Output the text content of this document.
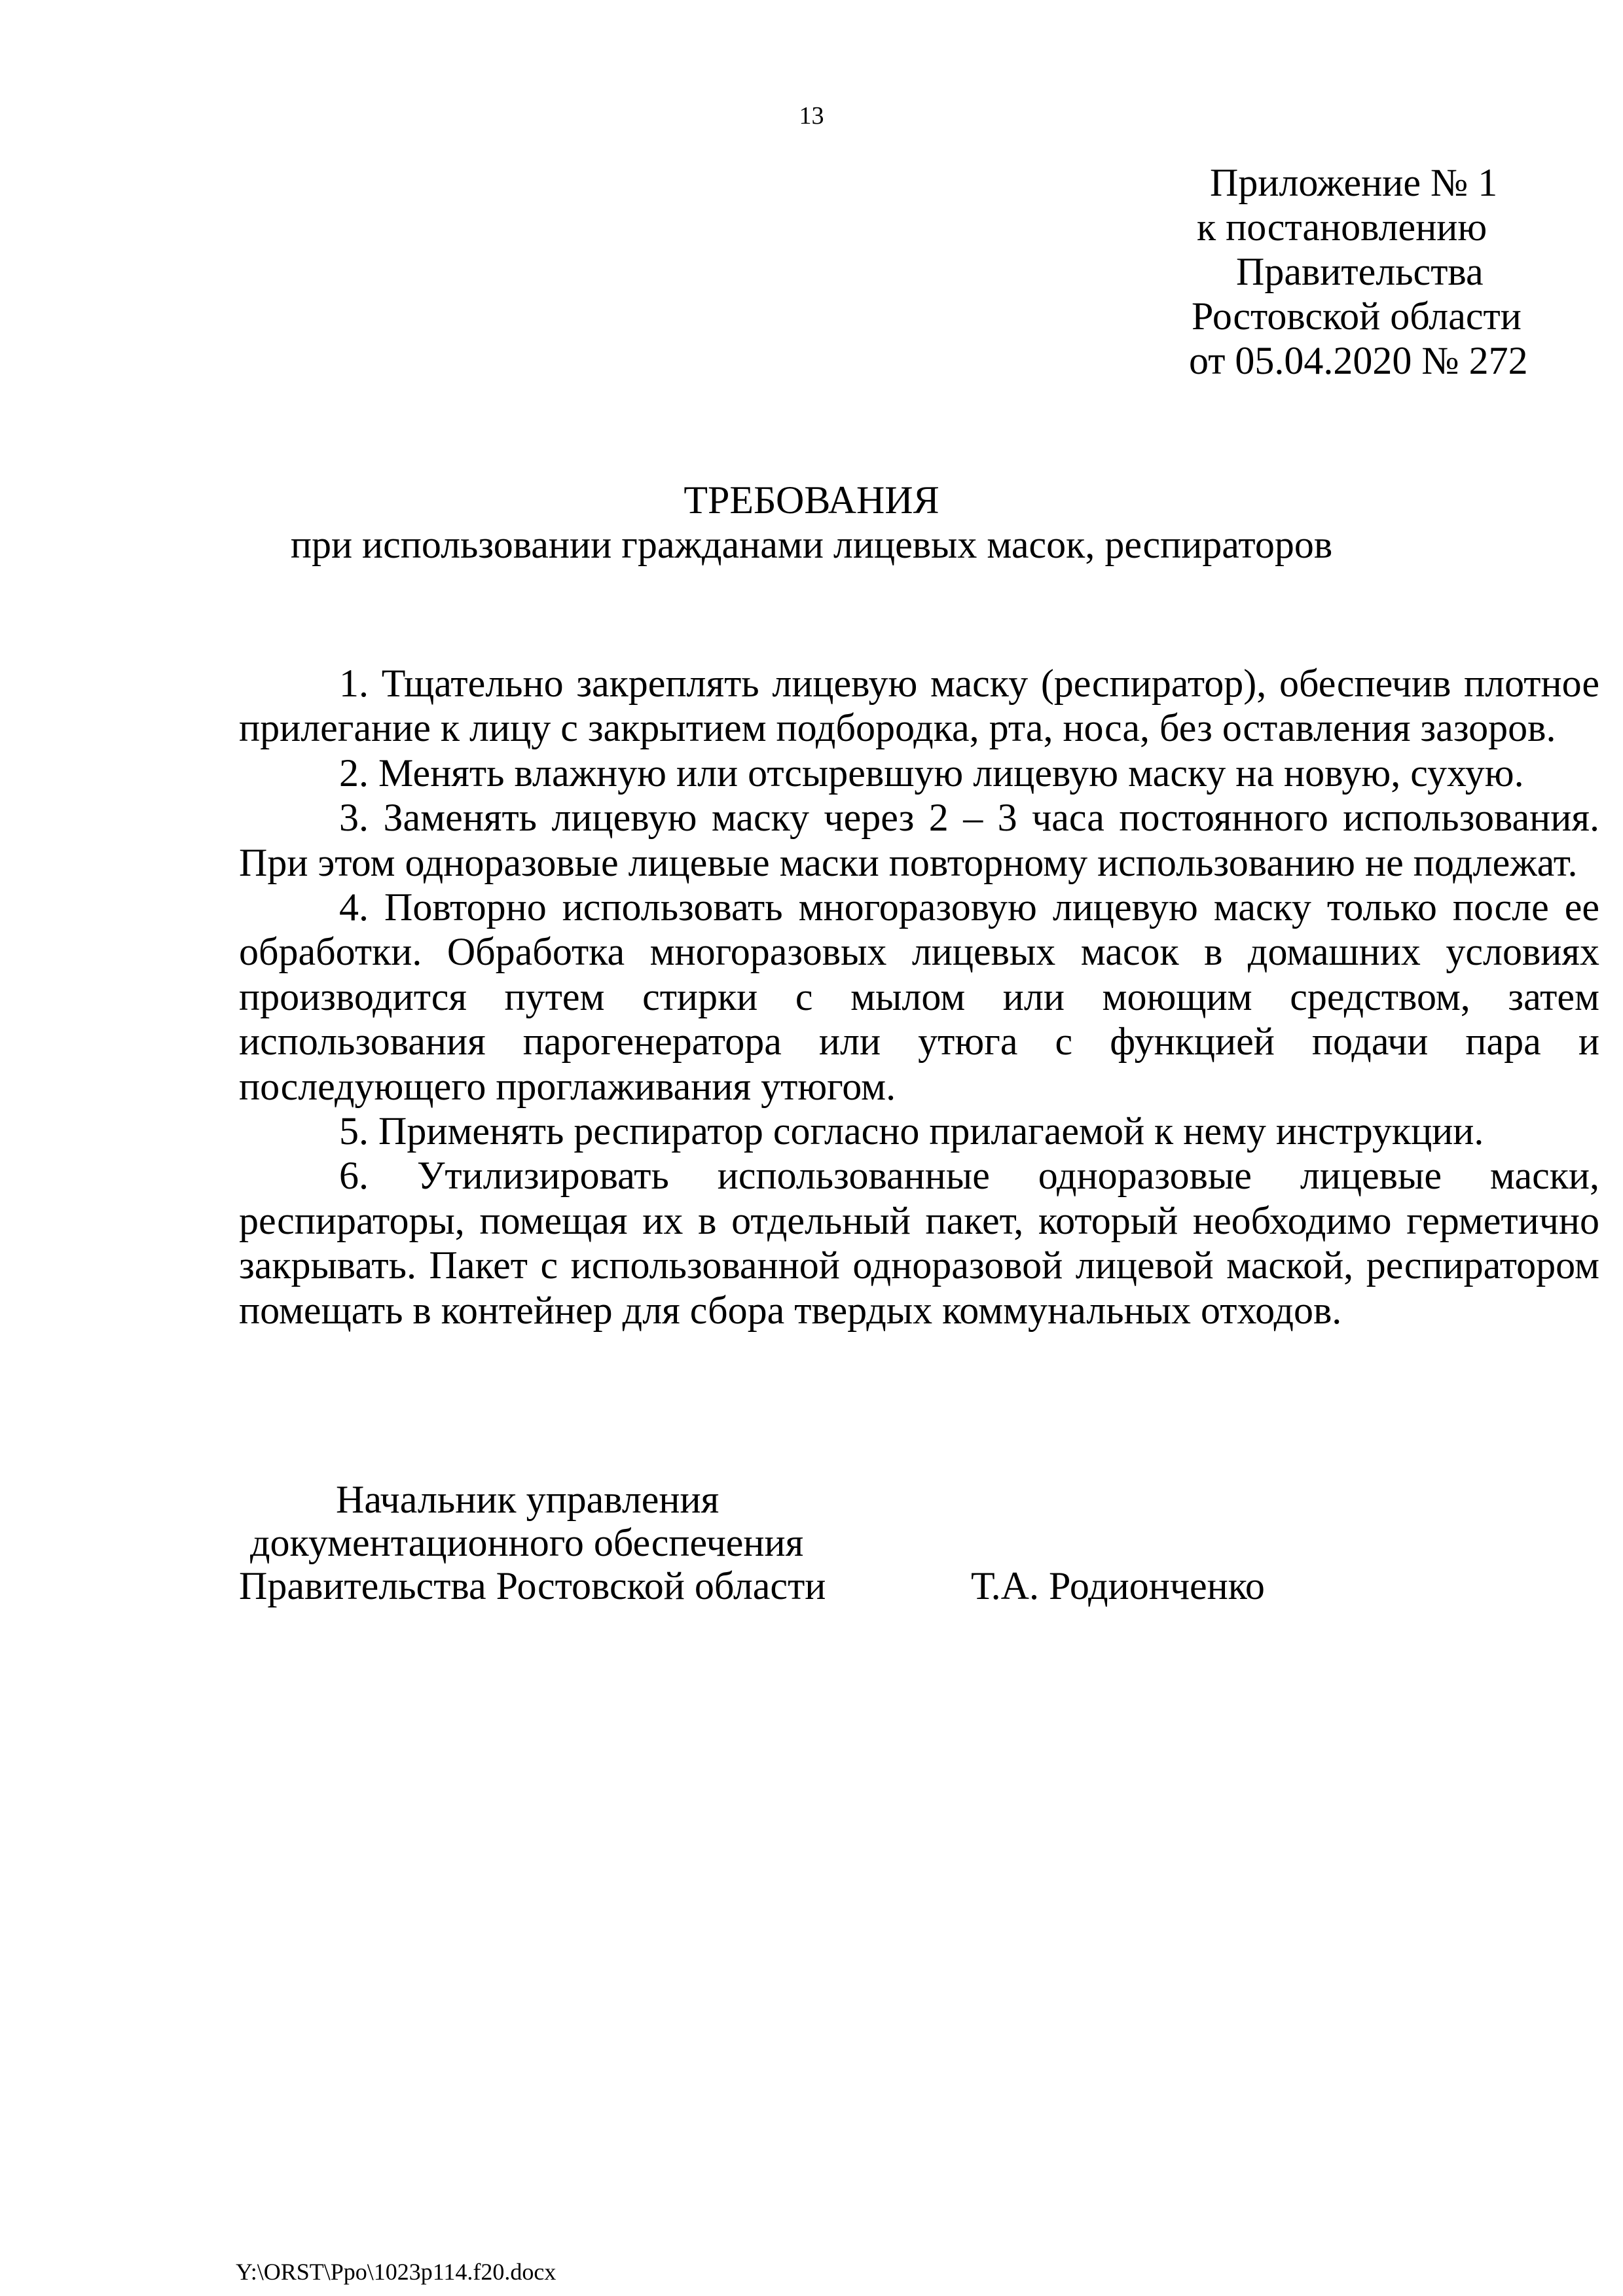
13
Приложение № 1
к постановлению
Правительства
Ростовской области
от 05.04.2020 № 272
ТРЕБОВАНИЯ
при использовании гражданами лицевых масок, респираторов

1. Тщательно закреплять лицевую маску (респиратор), обеспечив плотное прилегание к лицу с закрытием подбородка, рта, носа, без оставления зазоров.

2. Менять влажную или отсыревшую лицевую маску на новую, сухую.

3. Заменять лицевую маску через 2 – 3 часа постоянного использования. При этом одноразовые лицевые маски повторному использованию не подлежат.

4. Повторно использовать многоразовую лицевую маску только после ее обработки. Обработка многоразовых лицевых масок в домашних условиях производится путем стирки с мылом или моющим средством, затем использования парогенератора или утюга с функцией подачи пара и последующего проглаживания утюгом.

5. Применять респиратор согласно прилагаемой к нему инструкции.

6. Утилизировать использованные одноразовые лицевые маски, респираторы, помещая их в отдельный пакет, который необходимо герметично закрывать. Пакет с использованной одноразовой лицевой маской, респиратором помещать в контейнер для сбора твердых коммунальных отходов.

Начальник управления
документационного обеспечения
Правительства Ростовской области	Т.А. Родионченко
Y:\ORST\Ppo\1023p114.f20.docx
